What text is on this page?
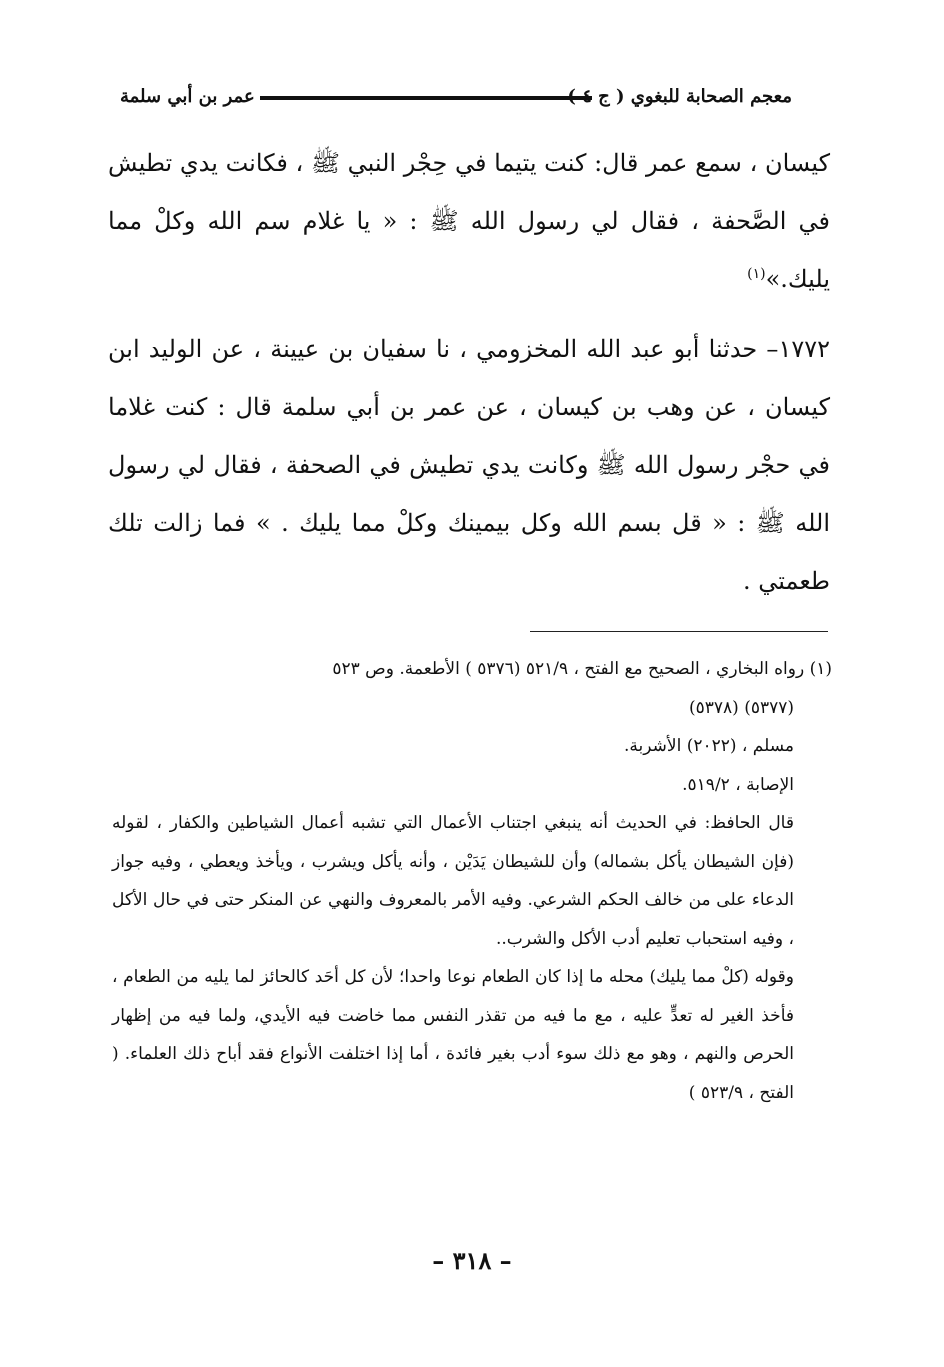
معجم الصحابة للبغوي ( ج
عمر بن أبي سلمة

كيسان ، سمع عمر قال: كنت يتيما في حِجْر النبي ﷺ ، فكانت يدي تطيش في الصَّحفة ، فقال لي رسول الله ﷺ : « يا غلام سم الله وكلْ مما يليك.»$^{(١)}$

١٧٧٢– حدثنا أبو عبد الله المخزومي ، نا سفيان بن عيينة ، عن الوليد ابن كيسان ، عن وهب بن كيسان ، عن عمر بن أبي سلمة قال : كنت غلاما في حجْر رسول الله ﷺ وكانت يدي تطيش في الصحفة ، فقال لي رسول الله ﷺ : « قل بسم الله وكل بيمينك وكلْ مما يليك . » فما زالت تلك طعمتي .

(١) رواه البخاري ، الصحيح مع الفتح ، ٥٢١/٩ (٥٣٧٦ ) الأطعمة. وص ٥٢٣

(٥٣٧٧) (٥٣٧٨)

مسلم ، (٢٠٢٢) الأشربة.

الإصابة ، ٥١٩/٢.

قال الحافظ: في الحديث أنه ينبغي اجتناب الأعمال التي تشبه أعمال الشياطين والكفار ، لقوله (فإن الشيطان يأكل بشماله) وأن للشيطان يَدَيْن ، وأنه يأكل ويشرب ، ويأخذ ويعطي ، وفيه جواز الدعاء على من خالف الحكم الشرعي. وفيه الأمر بالمعروف والنهي عن المنكر حتى في حال الأكل ، وفيه استحباب تعليم أدب الأكل والشرب..

وقوله (كلْ مما يليك) محله ما إذا كان الطعام نوعا واحدا؛ لأن كل أحَد كالحائز لما يليه من الطعام ، فأخذ الغير له تعدٍّ عليه ، مع ما فيه من تقذر النفس مما خاضت فيه الأيدي، ولما فيه من إظهار الحرص والنهم ، وهو مع ذلك سوء أدب بغير فائدة ، أما إذا اختلفت الأنواع فقد أباح ذلك العلماء. ( الفتح ، ٥٢٣/٩ )

– ٣١٨ –
